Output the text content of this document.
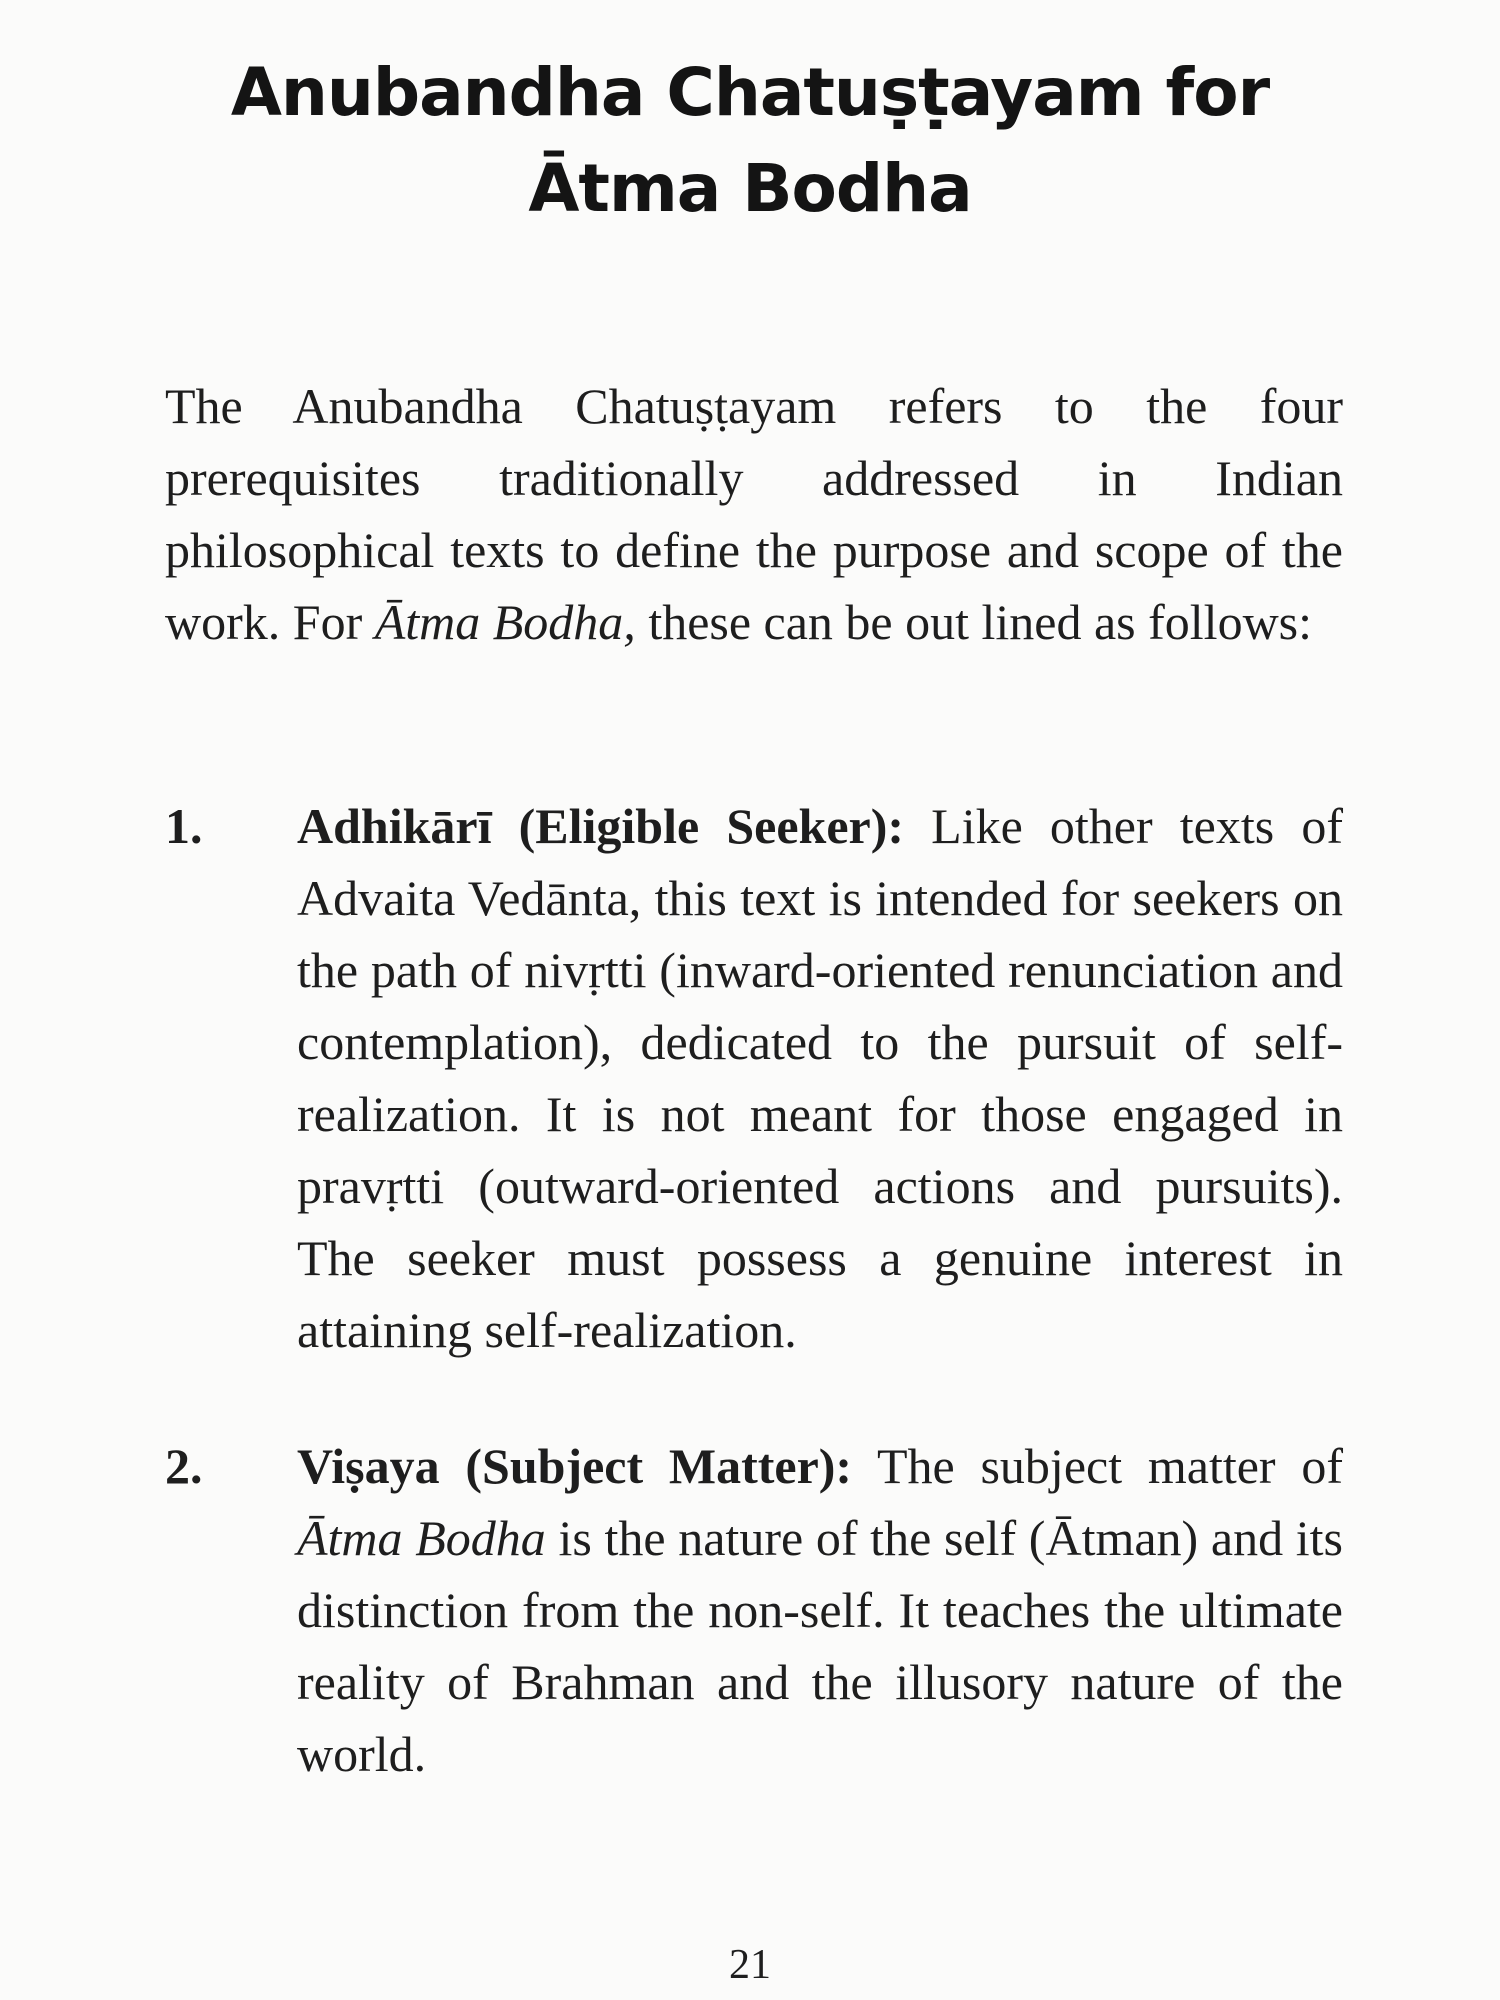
Anubandha Chatuṣṭayam for
Ātma Bodha

The Anubandha Chatuṣṭayam refers to the four prerequisites traditionally addressed in Indian philosophical texts to define the purpose and scope of the work. For Ātma Bodha, these can be out lined as follows:

1. Adhikārī (Eligible Seeker): Like other texts of Advaita Vedānta, this text is intended for seekers on the path of nivṛtti (inward-oriented renunciation and contemplation), dedicated to the pursuit of self-realization. It is not meant for those engaged in pravṛtti (outward-oriented actions and pursuits). The seeker must possess a genuine interest in attaining self-realization.

2. Viṣaya (Subject Matter): The subject matter of Ātma Bodha is the nature of the self (Ātman) and its distinction from the non-self. It teaches the ultimate reality of Brahman and the illusory nature of the world.

21
